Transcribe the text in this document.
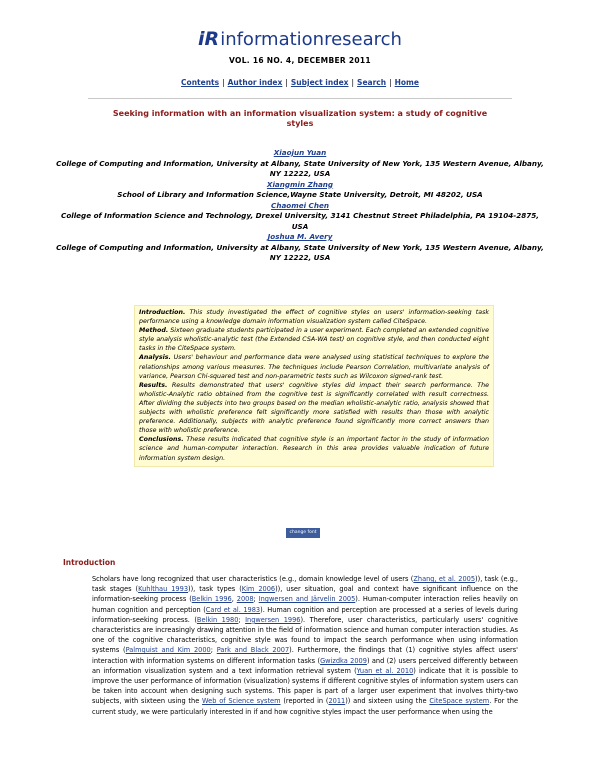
iR information research
VOL. 16 NO. 4, DECEMBER 2011
Contents | Author index | Subject index | Search | Home
Seeking information with an information visualization system: a study of cognitive styles
Xiaojun Yuan
College of Computing and Information, University at Albany, State University of New York, 135 Western Avenue, Albany, NY 12222, USA
Xiangmin Zhang
School of Library and Information Science,Wayne State University, Detroit, MI 48202, USA
Chaomei Chen
College of Information Science and Technology, Drexel University, 3141 Chestnut Street Philadelphia, PA 19104-2875, USA
Joshua M. Avery
College of Computing and Information, University at Albany, State University of New York, 135 Western Avenue, Albany, NY 12222, USA
Introduction. This study investigated the effect of cognitive styles on users' information-seeking task performance using a knowledge domain information visualization system called CiteSpace.
Method. Sixteen graduate students participated in a user experiment. Each completed an extended cognitive style analysis wholistic-analytic test (the Extended CSA-WA test) on cognitive style, and then conducted eight tasks in the CiteSpace system.
Analysis. Users' behaviour and performance data were analysed using statistical techniques to explore the relationships among various measures. The techniques include Pearson Correlation, multivariate analysis of variance, Pearson Chi-squared test and non-parametric tests such as Wilcoxon signed-rank test.
Results. Results demonstrated that users' cognitive styles did impact their search performance. The wholistic-Analytic ratio obtained from the cognitive test is significantly correlated with result correctness. After dividing the subjects into two groups based on the median wholistic-analytic ratio, analysis showed that subjects with wholistic preference felt significantly more satisfied with results than those with analytic preference. Additionally, subjects with analytic preference found significantly more correct answers than those with wholistic preference.
Conclusions. These results indicated that cognitive style is an important factor in the study of information science and human-computer interaction. Research in this area provides valuable indication of future information system design.
change font
Introduction
Scholars have long recognized that user characteristics (e.g., domain knowledge level of users (Zhang, et al. 2005)), task (e.g., task stages (Kuhlthau 1993)), task types (Kim 2006)), user situation, goal and context have significant influence on the information-seeking process (Belkin 1996, 2008; Ingwersen and Järvelin 2005). Human-computer interaction relies heavily on human cognition and perception (Card et al. 1983). Human cognition and perception are processed at a series of levels during information-seeking process. (Belkin 1980; Ingwersen 1996). Therefore, user characteristics, particularly users' cognitive characteristics are increasingly drawing attention in the field of information science and human computer interaction studies. As one of the cognitive characteristics, cognitive style was found to impact the search performance when using information systems (Palmquist and Kim 2000; Park and Black 2007). Furthermore, the findings that (1) cognitive styles affect users' interaction with information systems on different information tasks (Gwizdka 2009) and (2) users perceived differently between an information visualization system and a text information retrieval system (Yuan et al. 2010) indicate that it is possible to improve the user performance of information (visualization) systems if different cognitive styles of information system users can be taken into account when designing such systems. This paper is part of a larger user experiment that involves thirty-two subjects, with sixteen using the Web of Science system (reported in (2011)) and sixteen using the CiteSpace system. For the current study, we were particularly interested in if and how cognitive styles impact the user performance when using the
